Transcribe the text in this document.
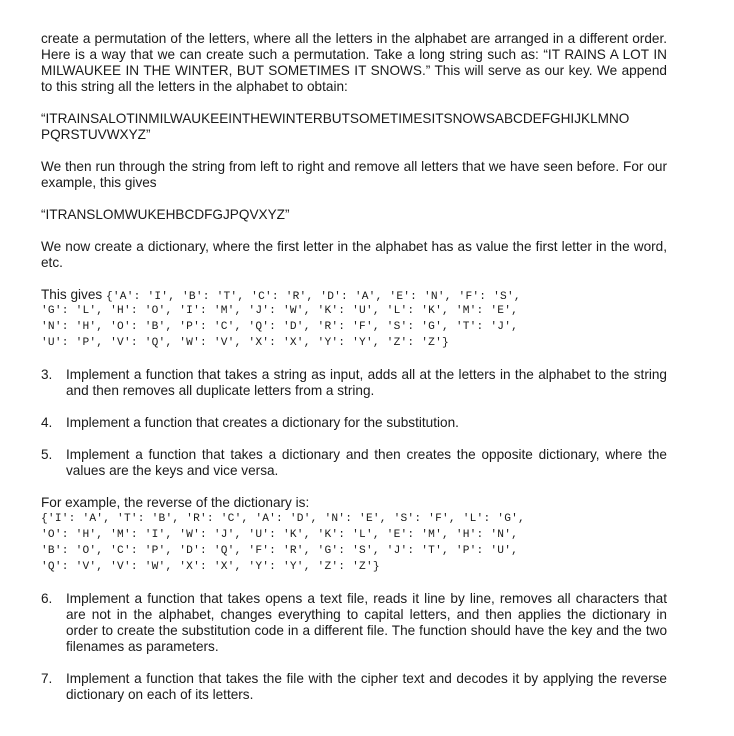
create a permutation of the letters, where all the letters in the alphabet are arranged in a different order. Here is a way that we can create such a permutation. Take a long string such as: “IT RAINS A LOT IN MILWAUKEE IN THE WINTER, BUT SOMETIMES IT SNOWS.” This will serve as our key. We append to this string all the letters in the alphabet to obtain:

“ITRAINSALOTINMILWAUKEEINTHEWINTERBUTSOMETIMESITSNOWSABCDEFGHIJKLMNO PQRSTUVWXYZ”

We then run through the string from left to right and remove all letters that we have seen before. For our example, this gives

“ITRANSLOMWUKEHBCDFGJPQVXYZ”

We now create a dictionary, where the first letter in the alphabet has as value the first letter in the word, etc.

This gives {'A': 'I', 'B': 'T', 'C': 'R', 'D': 'A', 'E': 'N', 'F': 'S',
'G': 'L', 'H': 'O', 'I': 'M', 'J': 'W', 'K': 'U', 'L': 'K', 'M': 'E',
'N': 'H', 'O': 'B', 'P': 'C', 'Q': 'D', 'R': 'F', 'S': 'G', 'T': 'J',
'U': 'P', 'V': 'Q', 'W': 'V', 'X': 'X', 'Y': 'Y', 'Z': 'Z'}
3. Implement a function that takes a string as input, adds all at the letters in the alphabet to the string and then removes all duplicate letters from a string.
4. Implement a function that creates a dictionary for the substitution.
5. Implement a function that takes a dictionary and then creates the opposite dictionary, where the values are the keys and vice versa.
For example, the reverse of the dictionary is:
{'I': 'A', 'T': 'B', 'R': 'C', 'A': 'D', 'N': 'E', 'S': 'F', 'L': 'G',
'O': 'H', 'M': 'I', 'W': 'J', 'U': 'K', 'K': 'L', 'E': 'M', 'H': 'N',
'B': 'O', 'C': 'P', 'D': 'Q', 'F': 'R', 'G': 'S', 'J': 'T', 'P': 'U',
'Q': 'V', 'V': 'W', 'X': 'X', 'Y': 'Y', 'Z': 'Z'}
6. Implement a function that takes opens a text file, reads it line by line, removes all characters that are not in the alphabet, changes everything to capital letters, and then applies the dictionary in order to create the substitution code in a different file. The function should have the key and the two filenames as parameters.
7. Implement a function that takes the file with the cipher text and decodes it by applying the reverse dictionary on each of its letters.
